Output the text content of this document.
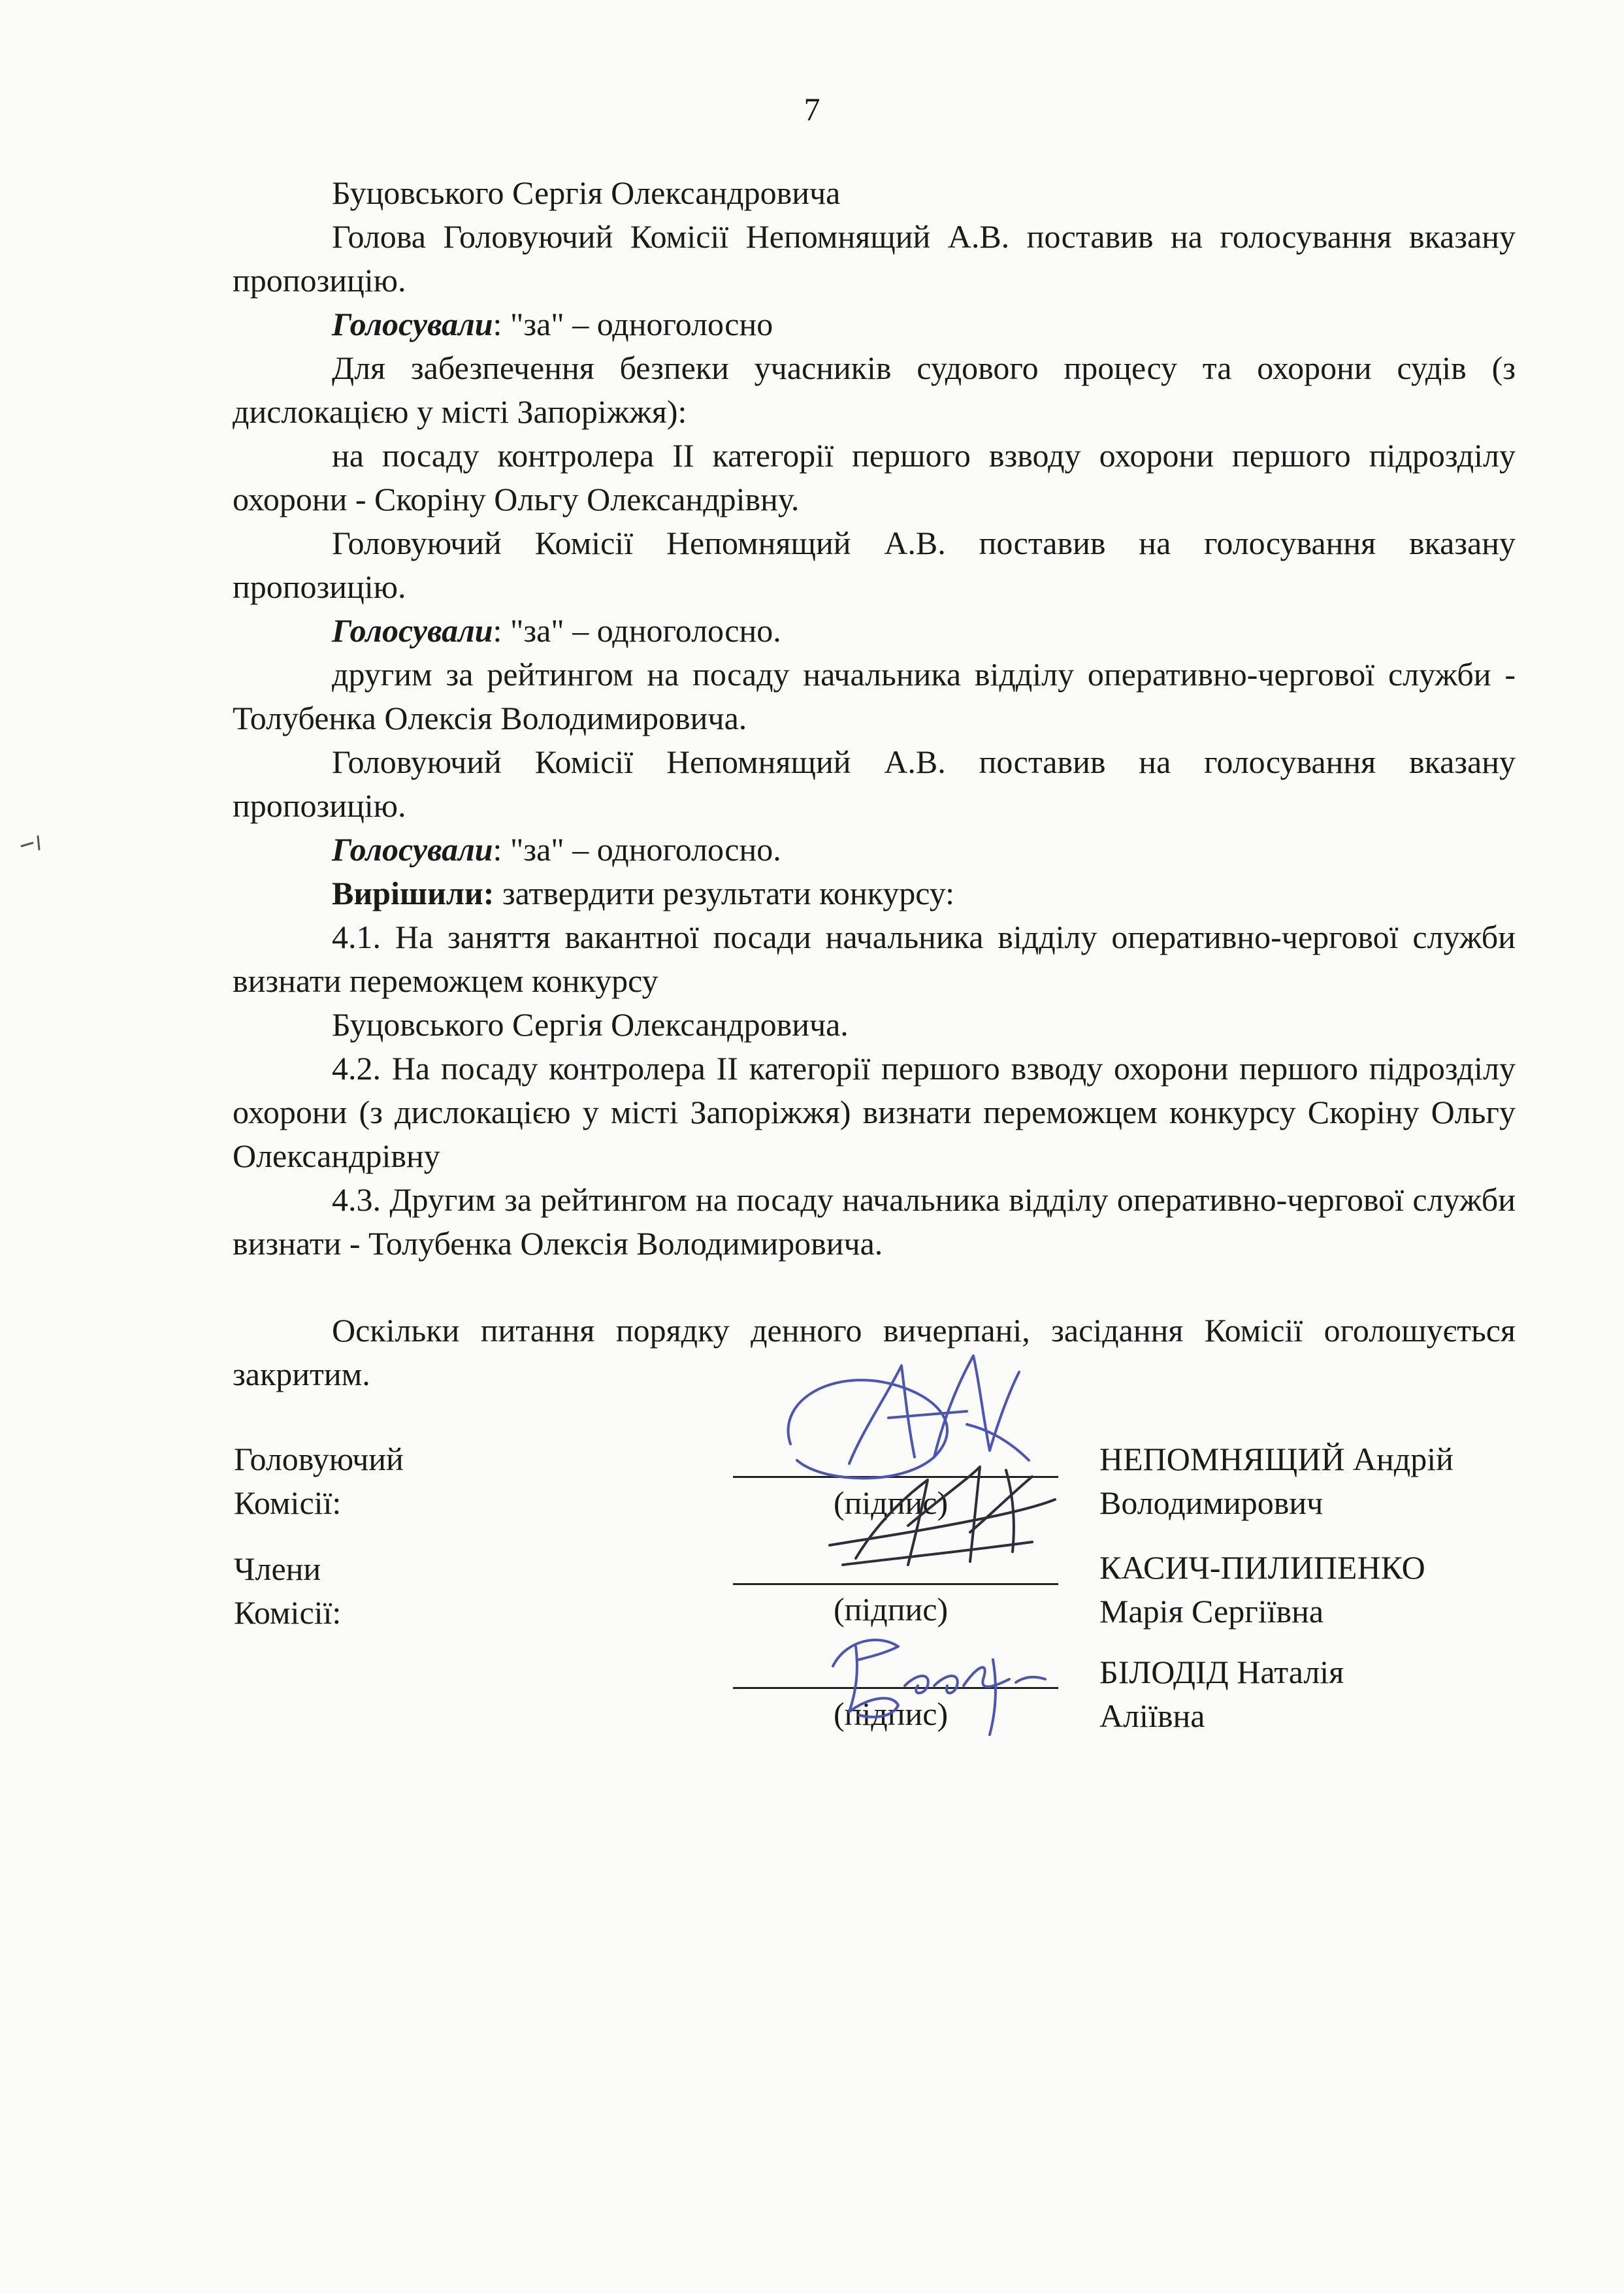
7

Буцовського Сергія Олександровича

Голова Головуючий Комісії Непомнящий А.В. поставив на голосування вказану пропозицію.

Голосували: "за" – одноголосно

Для забезпечення безпеки учасників судового процесу та охорони судів (з дислокацією у місті Запоріжжя):

на посаду контролера ІІ категорії першого взводу охорони першого підрозділу охорони - Скоріну Ольгу Олександрівну.

Головуючий Комісії Непомнящий А.В. поставив на голосування вказану пропозицію.

Голосували: "за" – одноголосно.

другим за рейтингом на посаду начальника відділу оперативно-чергової служби - Толубенка Олексія Володимировича.

Головуючий Комісії Непомнящий А.В. поставив на голосування вказану пропозицію.

Голосували: "за" – одноголосно.

Вирішили: затвердити результати конкурсу:

4.1. На заняття вакантної посади начальника відділу оперативно-чергової служби визнати переможцем конкурсу

Буцовського Сергія Олександровича.

4.2. На посаду контролера ІІ категорії першого взводу охорони першого підрозділу охорони (з дислокацією у місті Запоріжжя) визнати переможцем конкурсу Скоріну Ольгу Олександрівну

4.3. Другим за рейтингом на посаду начальника відділу оперативно-чергової служби визнати - Толубенка Олексія Володимировича.

Оскільки питання порядку денного вичерпані, засідання Комісії оголошується закритим.

Головуючий
Комісії:	(підпис)
НЕПОМНЯЩИЙ Андрій
Володимирович
Члени
Комісії:	(підпис)
КАСИЧ-ПИЛИПЕНКО
Марія Сергіївна
(підпис)
БІЛОДІД Наталія
Аліївна
